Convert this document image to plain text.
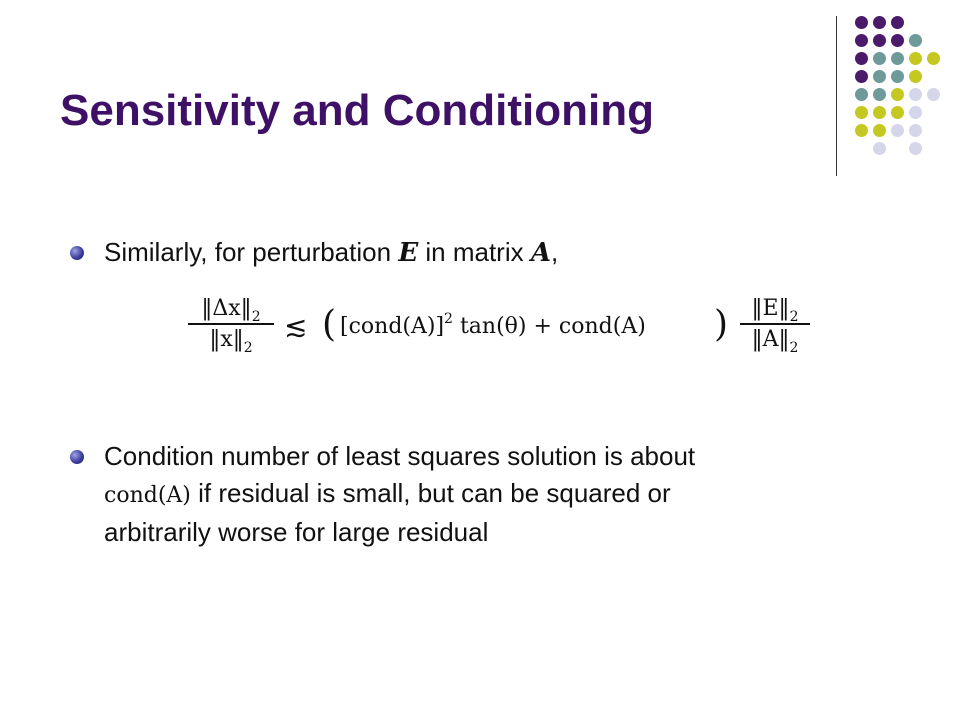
Sensitivity and Conditioning
Similarly, for perturbation E in matrix A,
$‖\Delta x‖_2$
$‖x‖_2$
≲ ( [cond(A)]$^2$ tan(θ) + cond(A) )	$‖E‖_2$
$‖A‖_2$
Condition number of least squares solution is about
cond(A) if residual is small, but can be squared or
arbitrarily worse for large residual
